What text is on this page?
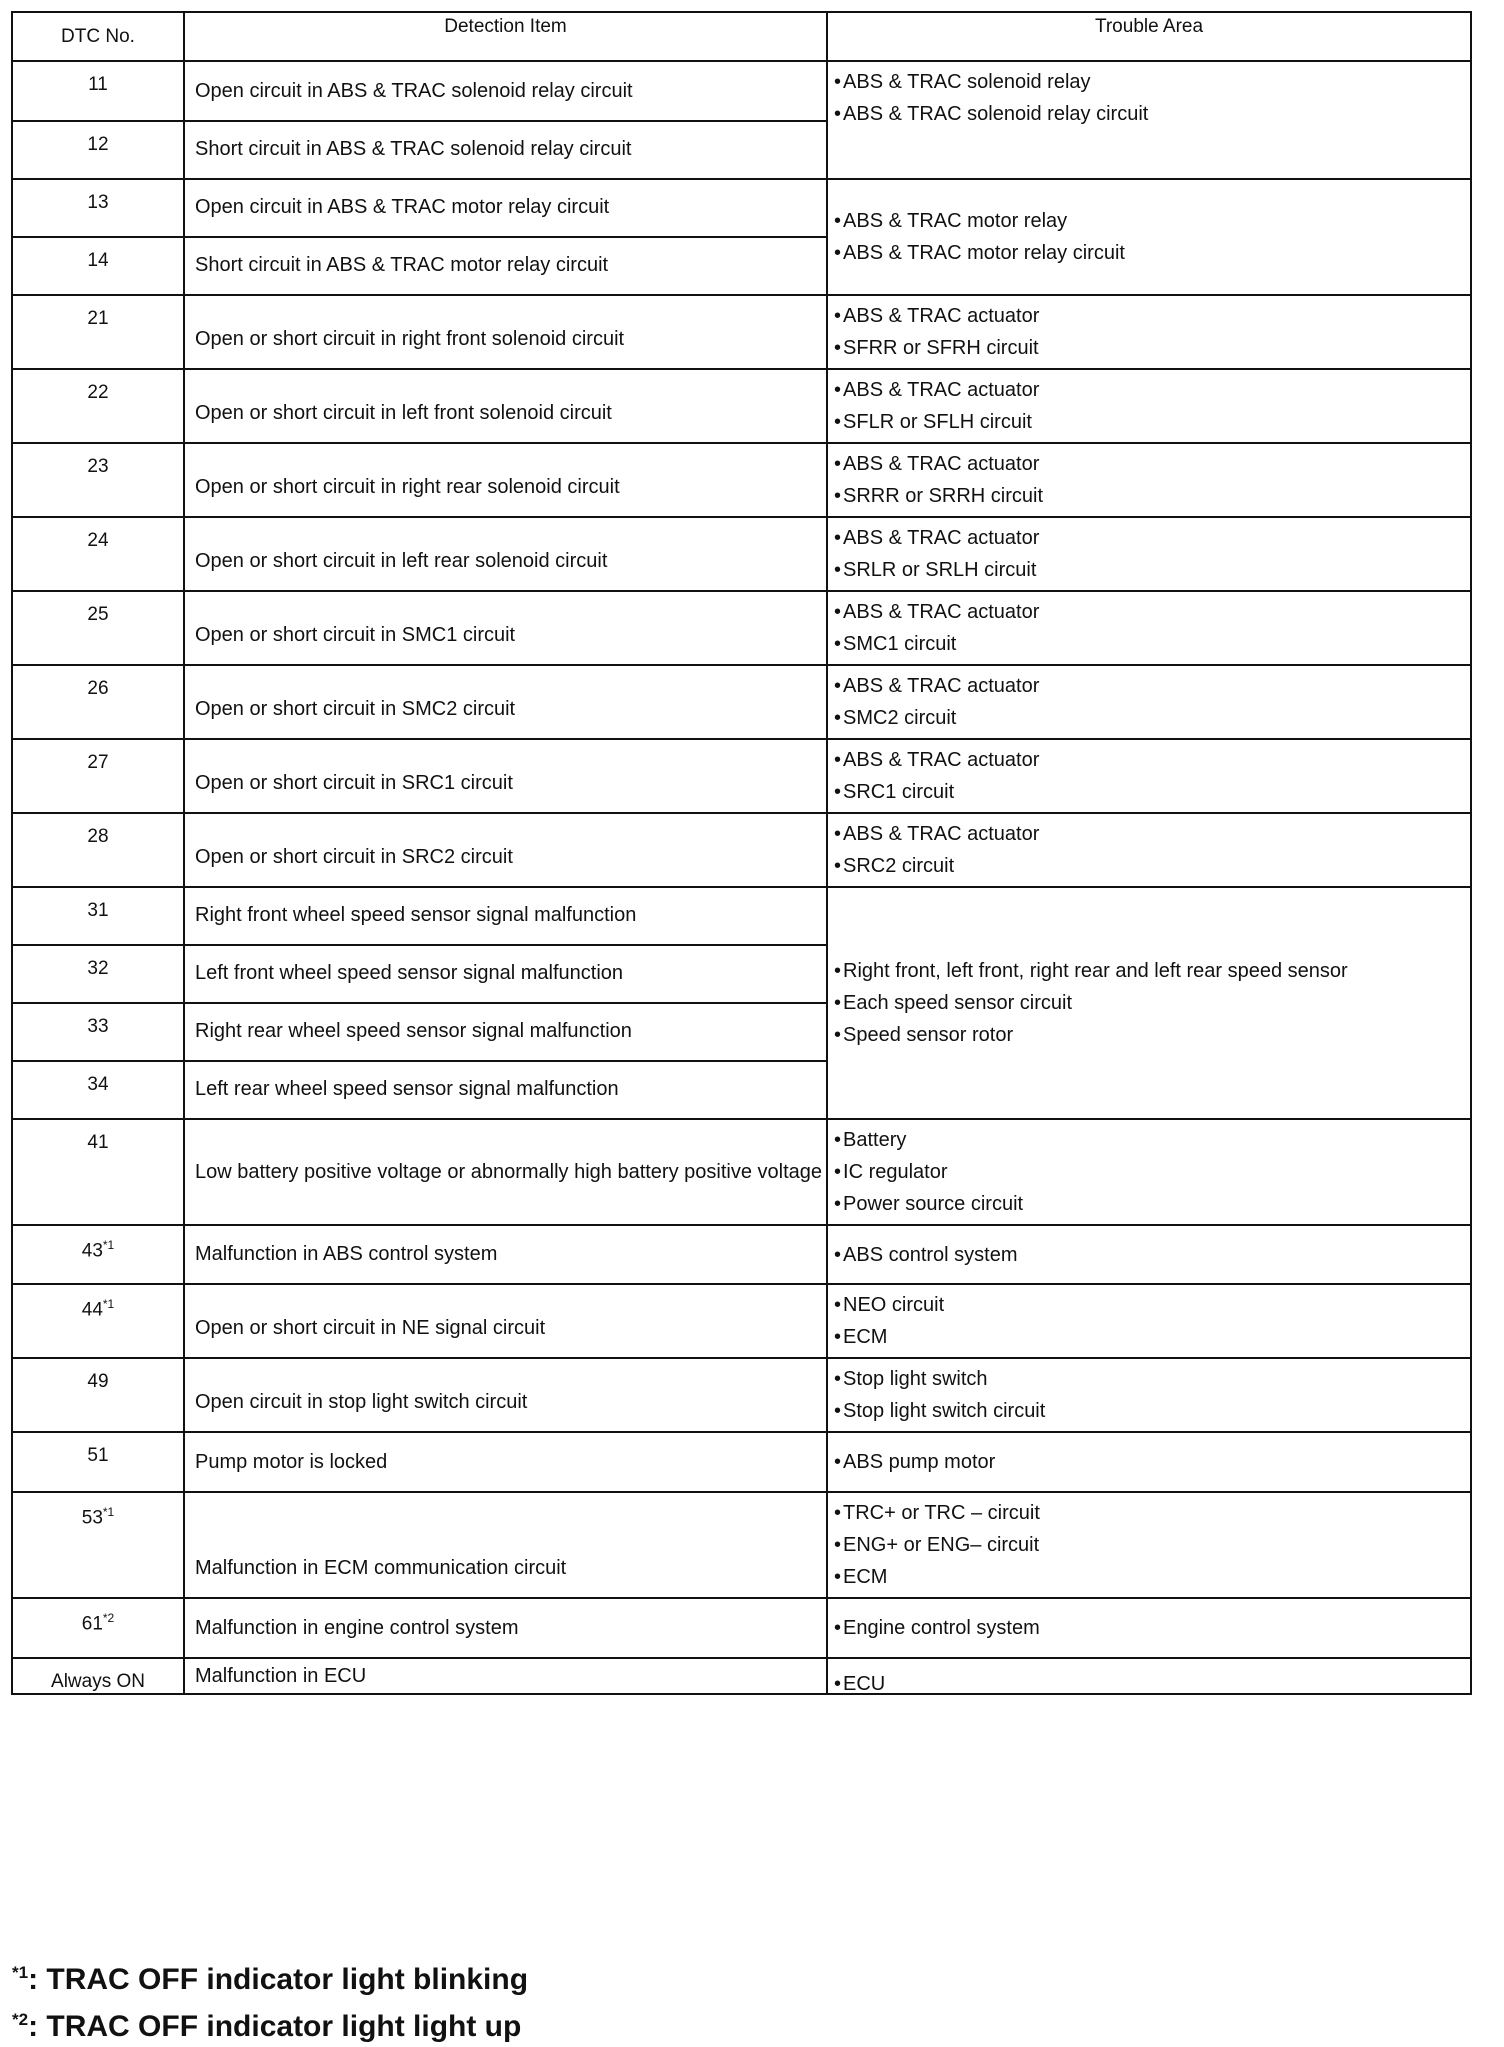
DTC No.	Detection Item	Trouble Area
11	Open circuit in ABS & TRAC solenoid relay circuit	• ABS & TRAC solenoid relay
• ABS & TRAC solenoid relay circuit

12	Short circuit in ABS & TRAC solenoid relay circuit	
13	Open circuit in ABS & TRAC motor relay circuit	• ABS & TRAC motor relay
• ABS & TRAC motor relay circuit

14	Short circuit in ABS & TRAC motor relay circuit	
21	Open or short circuit in right front solenoid circuit	• ABS & TRAC actuator
• SFRR or SFRH circuit

22	Open or short circuit in left front solenoid circuit	• ABS & TRAC actuator
• SFLR or SFLH circuit

23	Open or short circuit in right rear solenoid circuit	• ABS & TRAC actuator
• SRRR or SRRH circuit

24	Open or short circuit in left rear solenoid circuit	• ABS & TRAC actuator
• SRLR or SRLH circuit

25	Open or short circuit in SMC1 circuit	• ABS & TRAC actuator
• SMC1 circuit

26	Open or short circuit in SMC2 circuit	• ABS & TRAC actuator
• SMC2 circuit

27	Open or short circuit in SRC1 circuit	• ABS & TRAC actuator
• SRC1 circuit

28	Open or short circuit in SRC2 circuit	• ABS & TRAC actuator
• SRC2 circuit

31	Right front wheel speed sensor signal malfunction	• Right front, left front, right rear and left rear speed sensor
• Each speed sensor circuit
• Speed sensor rotor

32	Left front wheel speed sensor signal malfunction	
33	Right rear wheel speed sensor signal malfunction	
34	Left rear wheel speed sensor signal malfunction	
41	Low battery positive voltage or abnormally high battery positive voltage	• Battery
• IC regulator
• Power source circuit

43$^{*1}$	Malfunction in ABS control system	• ABS control system

44$^{*1}$	Open or short circuit in NE signal circuit	• NEO circuit
• ECM

49	Open circuit in stop light switch circuit	• Stop light switch
• Stop light switch circuit

51	Pump motor is locked	• ABS pump motor

53$^{*1}$	Malfunction in ECM communication circuit	• TRC+ or TRC – circuit
• ENG+ or ENG– circuit
• ECM

61$^{*2}$	Malfunction in engine control system	• Engine control system

Always ON	Malfunction in ECU	• ECU
$^{*1}$: TRAC OFF indicator light blinking
$^{*2}$: TRAC OFF indicator light light up
